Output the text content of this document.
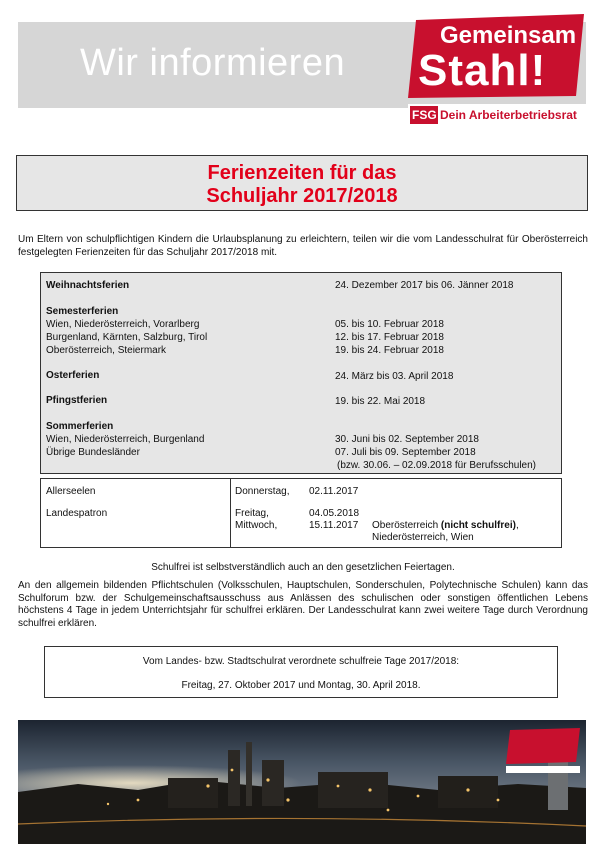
Wir informieren
Gemeinsam
Stahl!
FSG Dein Arbeiterbetriebsrat
Ferienzeiten für das
Schuljahr 2017/2018
Um Eltern von schulpflichtigen Kindern die Urlaubsplanung zu erleichtern, teilen wir die vom Landesschulrat für Oberösterreich festgelegten Ferienzeiten für das Schuljahr 2017/2018 mit.
Weihnachtsferien	24. Dezember 2017 bis 06. Jänner 2018
Semesterferien
Wien, Niederösterreich, Vorarlberg	05. bis 10. Februar 2018
Burgenland, Kärnten, Salzburg, Tirol	12. bis 17. Februar 2018
Oberösterreich, Steiermark	19. bis 24. Februar 2018
Osterferien	24. März bis 03. April 2018
Pfingstferien	19. bis 22. Mai 2018
Sommerferien
Wien, Niederösterreich, Burgenland	30. Juni bis 02. September 2018
Übrige Bundesländer	07. Juli bis 09. September 2018
(bzw. 30.06. – 02.09.2018 für Berufsschulen)
Allerseelen	Donnerstag, 02.11.2017
Landespatron	Freitag,	04.05.2018
Mittwoch,	15.11.2017 Oberösterreich (nicht schulfrei),
Niederösterreich, Wien
Schulfrei ist selbstverständlich auch an den gesetzlichen Feiertagen.
An den allgemein bildenden Pflichtschulen (Volksschulen, Hauptschulen, Sonderschulen, Polytechnische Schulen) kann das Schulforum bzw. der Schulgemeinschaftsausschuss aus Anlässen des schulischen oder sonstigen öffentlichen Lebens höchstens 4 Tage in jedem Unterrichtsjahr für schulfrei erklären. Der Landesschulrat kann zwei weitere Tage durch Verordnung schulfrei erklären.
Vom Landes- bzw. Stadtschulrat verordnete schulfreie Tage 2017/2018:
Freitag, 27. Oktober 2017 und Montag, 30. April 2018.
